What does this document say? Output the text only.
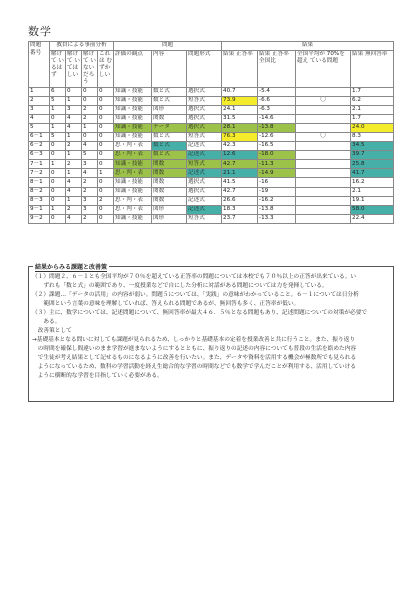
数学
問題
番号	教員による事前分析				問題			結果			
	解けて いるは ず	解けて いては しい	解けて いない だろう	これは むずか しい	評価の観点	内容	問題形式	結果 正答率	結果 正答率 全国比	全国平均が 70%を超え ている問題	結果 無回答率
1	6	0	0	0	知識・技能	数と式	選択式	40.7	-5.4		1.7
2	5	1	0	0	知識・技能	数と式	短答式	73.9	-6.6	〇	6.2
3	1	3	2	0	知識・技能	図形	選択式	24.1	-6.3		2.1
4	0	4	2	0	知識・技能	関数	選択式	31.5	-14.6		1.7
5	1	4	1	0	知識・技能	データ	選択式	28.1	-13.8		24.0
6－1	5	1	0	0	知識・技能	数と式	短答式	76.3	-12.6	〇	8.3
6－2	0	2	4	0	思・判・表	数と式	記述式	42.3	-16.5		34.5
6－3	0	1	5	0	思・判・表	数と式	記述式	12.6	-18.0		39.7
7－1	1	2	3	0	知識・技能	関数	短答式	42.7	-11.3		25.8
7－2	0	1	4	1	思・判・表	関数	記述式	21.1	-14.9		41.7
8－1	0	4	2	0	知識・技能	関数	選択式	41.5	-16		16.2
8－2	0	4	2	0	知識・技能	関数	選択式	42.7	-19		2.1
8－3	0	1	3	2	思・判・表	関数	記述式	26.6	-16.2		19.1
9－1	1	2	3	0	思・判・表	図形	記述式	18.3	-13.8		58.0
9－2	0	4	2	0	知識・技能	図形	短答式	23.7	-13.3		22.4
結果からみる課題と改善策
（１）問題２、６－１とも全国平均が７０％を超えている正答率の問題については本校でも７０％以上の正答が出来ている。い
　　ずれも「数と式」の範囲であり、一度授業などで自にした分析に対話がある問題については力を発揮している。
（２）課題…「データの活用」の内容が弱い。問題５については、「実践」の意味がわかっていること。６－１については日分析
　　範囲という言葉の意味を理解していれば、答えられる問題であるが、無回答も多く、正答率が低い。
（３）主に、数学については、記述問題について、無回答率が最大４６．５％となる問題もあり、記述問題についての対策が必要で
　　ある。
　改善策として
→基礎基本となる問いに対しても課題が見られるため、しっかりと基礎基本の定着を授業改善と共に行うこと。また、振り返り
　の時間を確保し間違いのまま学習が進まないようにするとともに、振り返りの記述の内容についても普段の生活を絡めた内容
　で生徒が考え結果として記せるものになるように改善を行いたい。また、データや資料を活用する機会が極数所でも見られる
　ようになっているため、数科の学習活動を経え生総合的な学習の時間などでも数学で学んだことが利用する、活用していける
　ように横断的な学習を目指していく必要がある。
